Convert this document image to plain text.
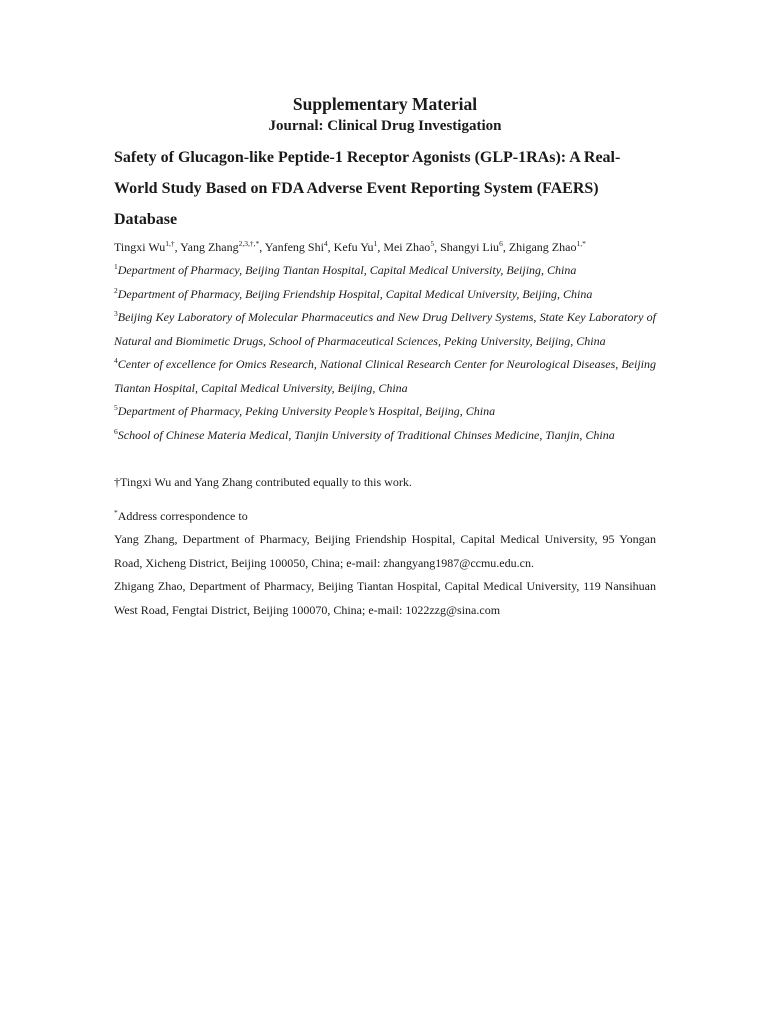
Supplementary Material

Journal: Clinical Drug Investigation

Safety of Glucagon-like Peptide-1 Receptor Agonists (GLP-1RAs): A Real-World Study Based on FDA Adverse Event Reporting System (FAERS) Database

Tingxi $Wu^{1,\dagger}$, Yang Zhang$^{2,3,\dagger,*}$, Yanfeng Shi$^4$, Kefu Yu$^1$, Mei Zhao$^5$, Shangyi Liu$^6$, Zhigang Zhao$^{1,*}$

$^1$Department of Pharmacy, Beijing Tiantan Hospital, Capital Medical University, Beijing, China

$^2$Department of Pharmacy, Beijing Friendship Hospital, Capital Medical University, Beijing, China

$^3$Beijing Key Laboratory of Molecular Pharmaceutics and New Drug Delivery Systems, State Key Laboratory of Natural and Biomimetic Drugs, School of Pharmaceutical Sciences, Peking University, Beijing, China

$^4$Center of excellence for Omics Research, National Clinical Research Center for Neurological Diseases, Beijing Tiantan Hospital, Capital Medical University, Beijing, China

$^5$Department of Pharmacy, Peking University People’s Hospital, Beijing, China

$^6$School of Chinese Materia Medical, Tianjin University of Traditional Chinses Medicine, Tianjin, China

†Tingxi Wu and Yang Zhang contributed equally to this work.

*Address correspondence to

Yang Zhang, Department of Pharmacy, Beijing Friendship Hospital, Capital Medical University, 95 Yongan Road, Xicheng District, Beijing 100050, China; e-mail: zhangyang1987@ccmu.edu.cn.

Zhigang Zhao, Department of Pharmacy, Beijing Tiantan Hospital, Capital Medical University, 119 Nansihuan West Road, Fengtai District, Beijing 100070, China; e-mail: 1022zzg@sina.com
